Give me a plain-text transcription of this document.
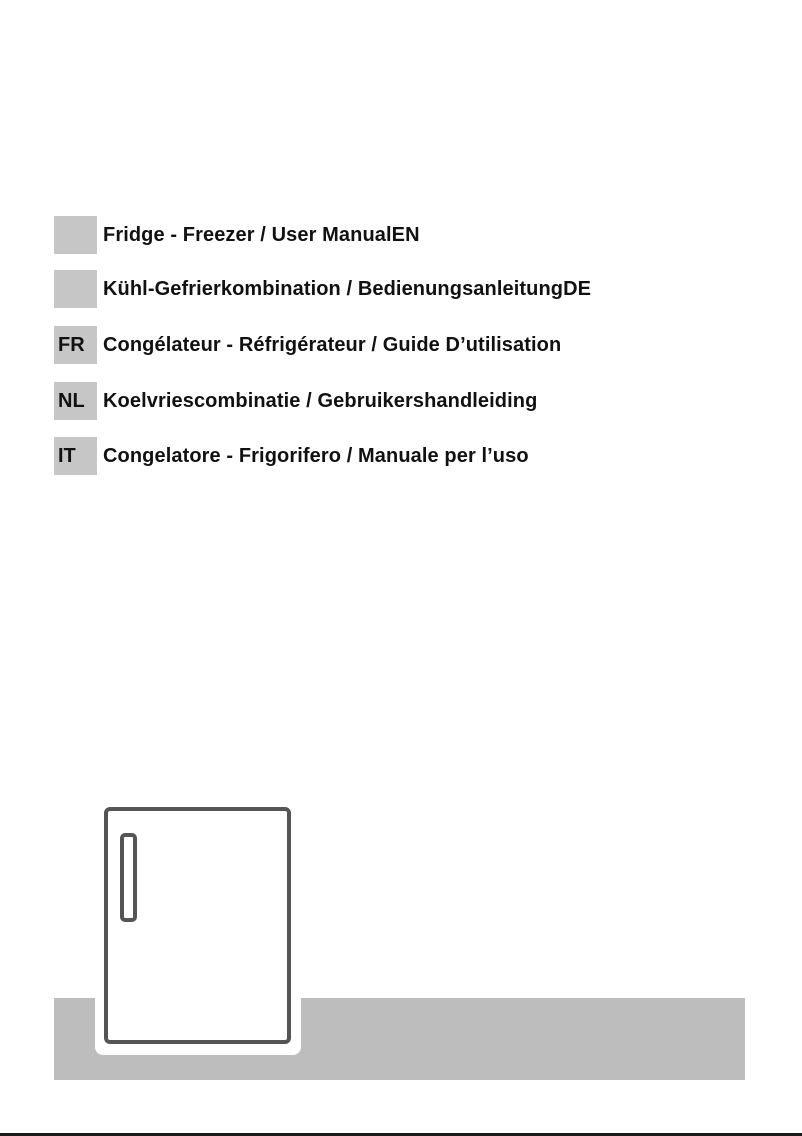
Fridge - Freezer / User ManualEN
Kühl-Gefrierkombination / BedienungsanleitungDE
FR Congélateur - Réfrigérateur / Guide D’utilisation
NL Koelvriescombinatie / Gebruikershandleiding
IT	Congelatore - Frigorifero / Manuale per l’uso
